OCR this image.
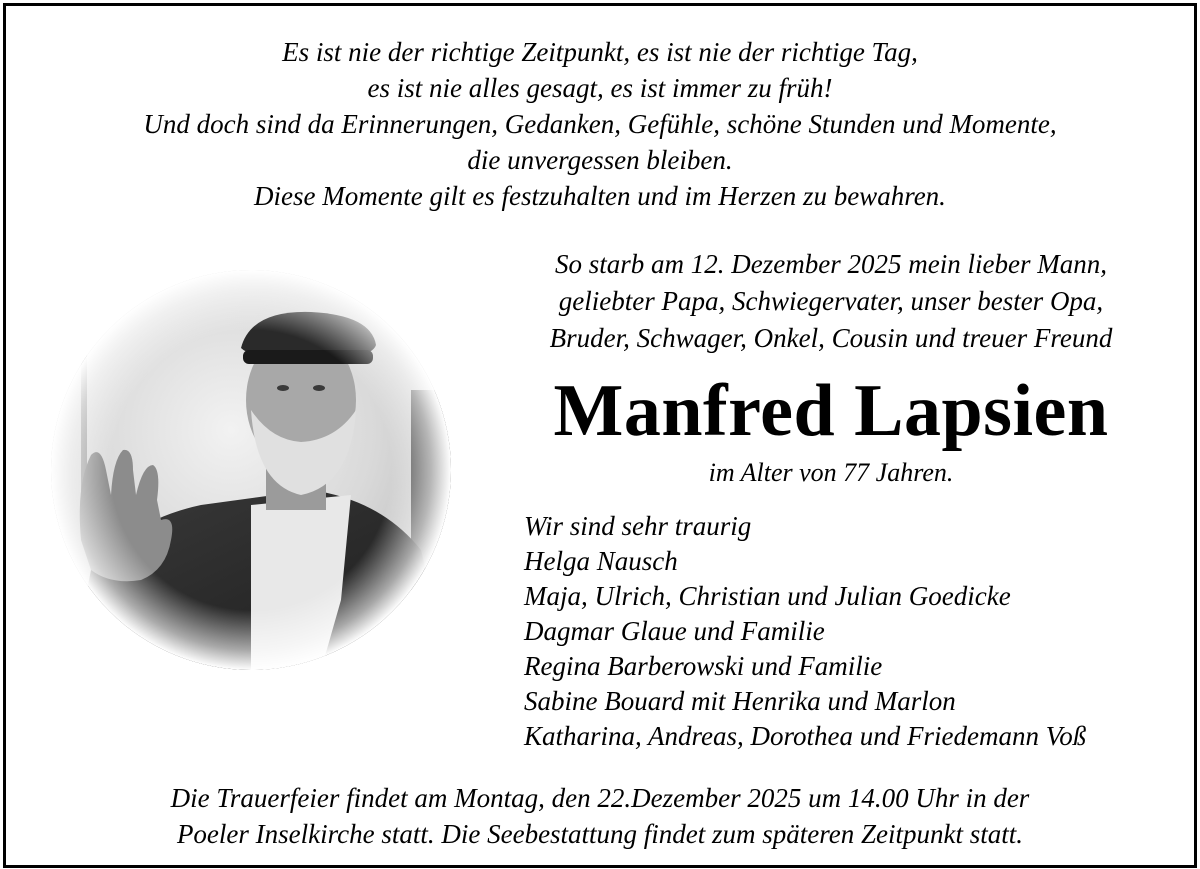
Es ist nie der richtige Zeitpunkt, es ist nie der richtige Tag,
es ist nie alles gesagt, es ist immer zu früh!
Und doch sind da Erinnerungen, Gedanken, Gefühle, schöne Stunden und Momente,
die unvergessen bleiben.
Diese Momente gilt es festzuhalten und im Herzen zu bewahren.
So starb am 12. Dezember 2025 mein lieber Mann,
geliebter Papa, Schwiegervater, unser bester Opa,
Bruder, Schwager, Onkel, Cousin und treuer Freund
Manfred Lapsien
im Alter von 77 Jahren.
Wir sind sehr traurig
Helga Nausch
Maja, Ulrich, Christian und Julian Goedicke
Dagmar Glaue und Familie
Regina Barberowski und Familie
Sabine Bouard mit Henrika und Marlon
Katharina, Andreas, Dorothea und Friedemann Voß
Die Trauerfeier findet am Montag, den 22.Dezember 2025 um 14.00 Uhr in der
Poeler Inselkirche statt. Die Seebestattung findet zum späteren Zeitpunkt statt.
